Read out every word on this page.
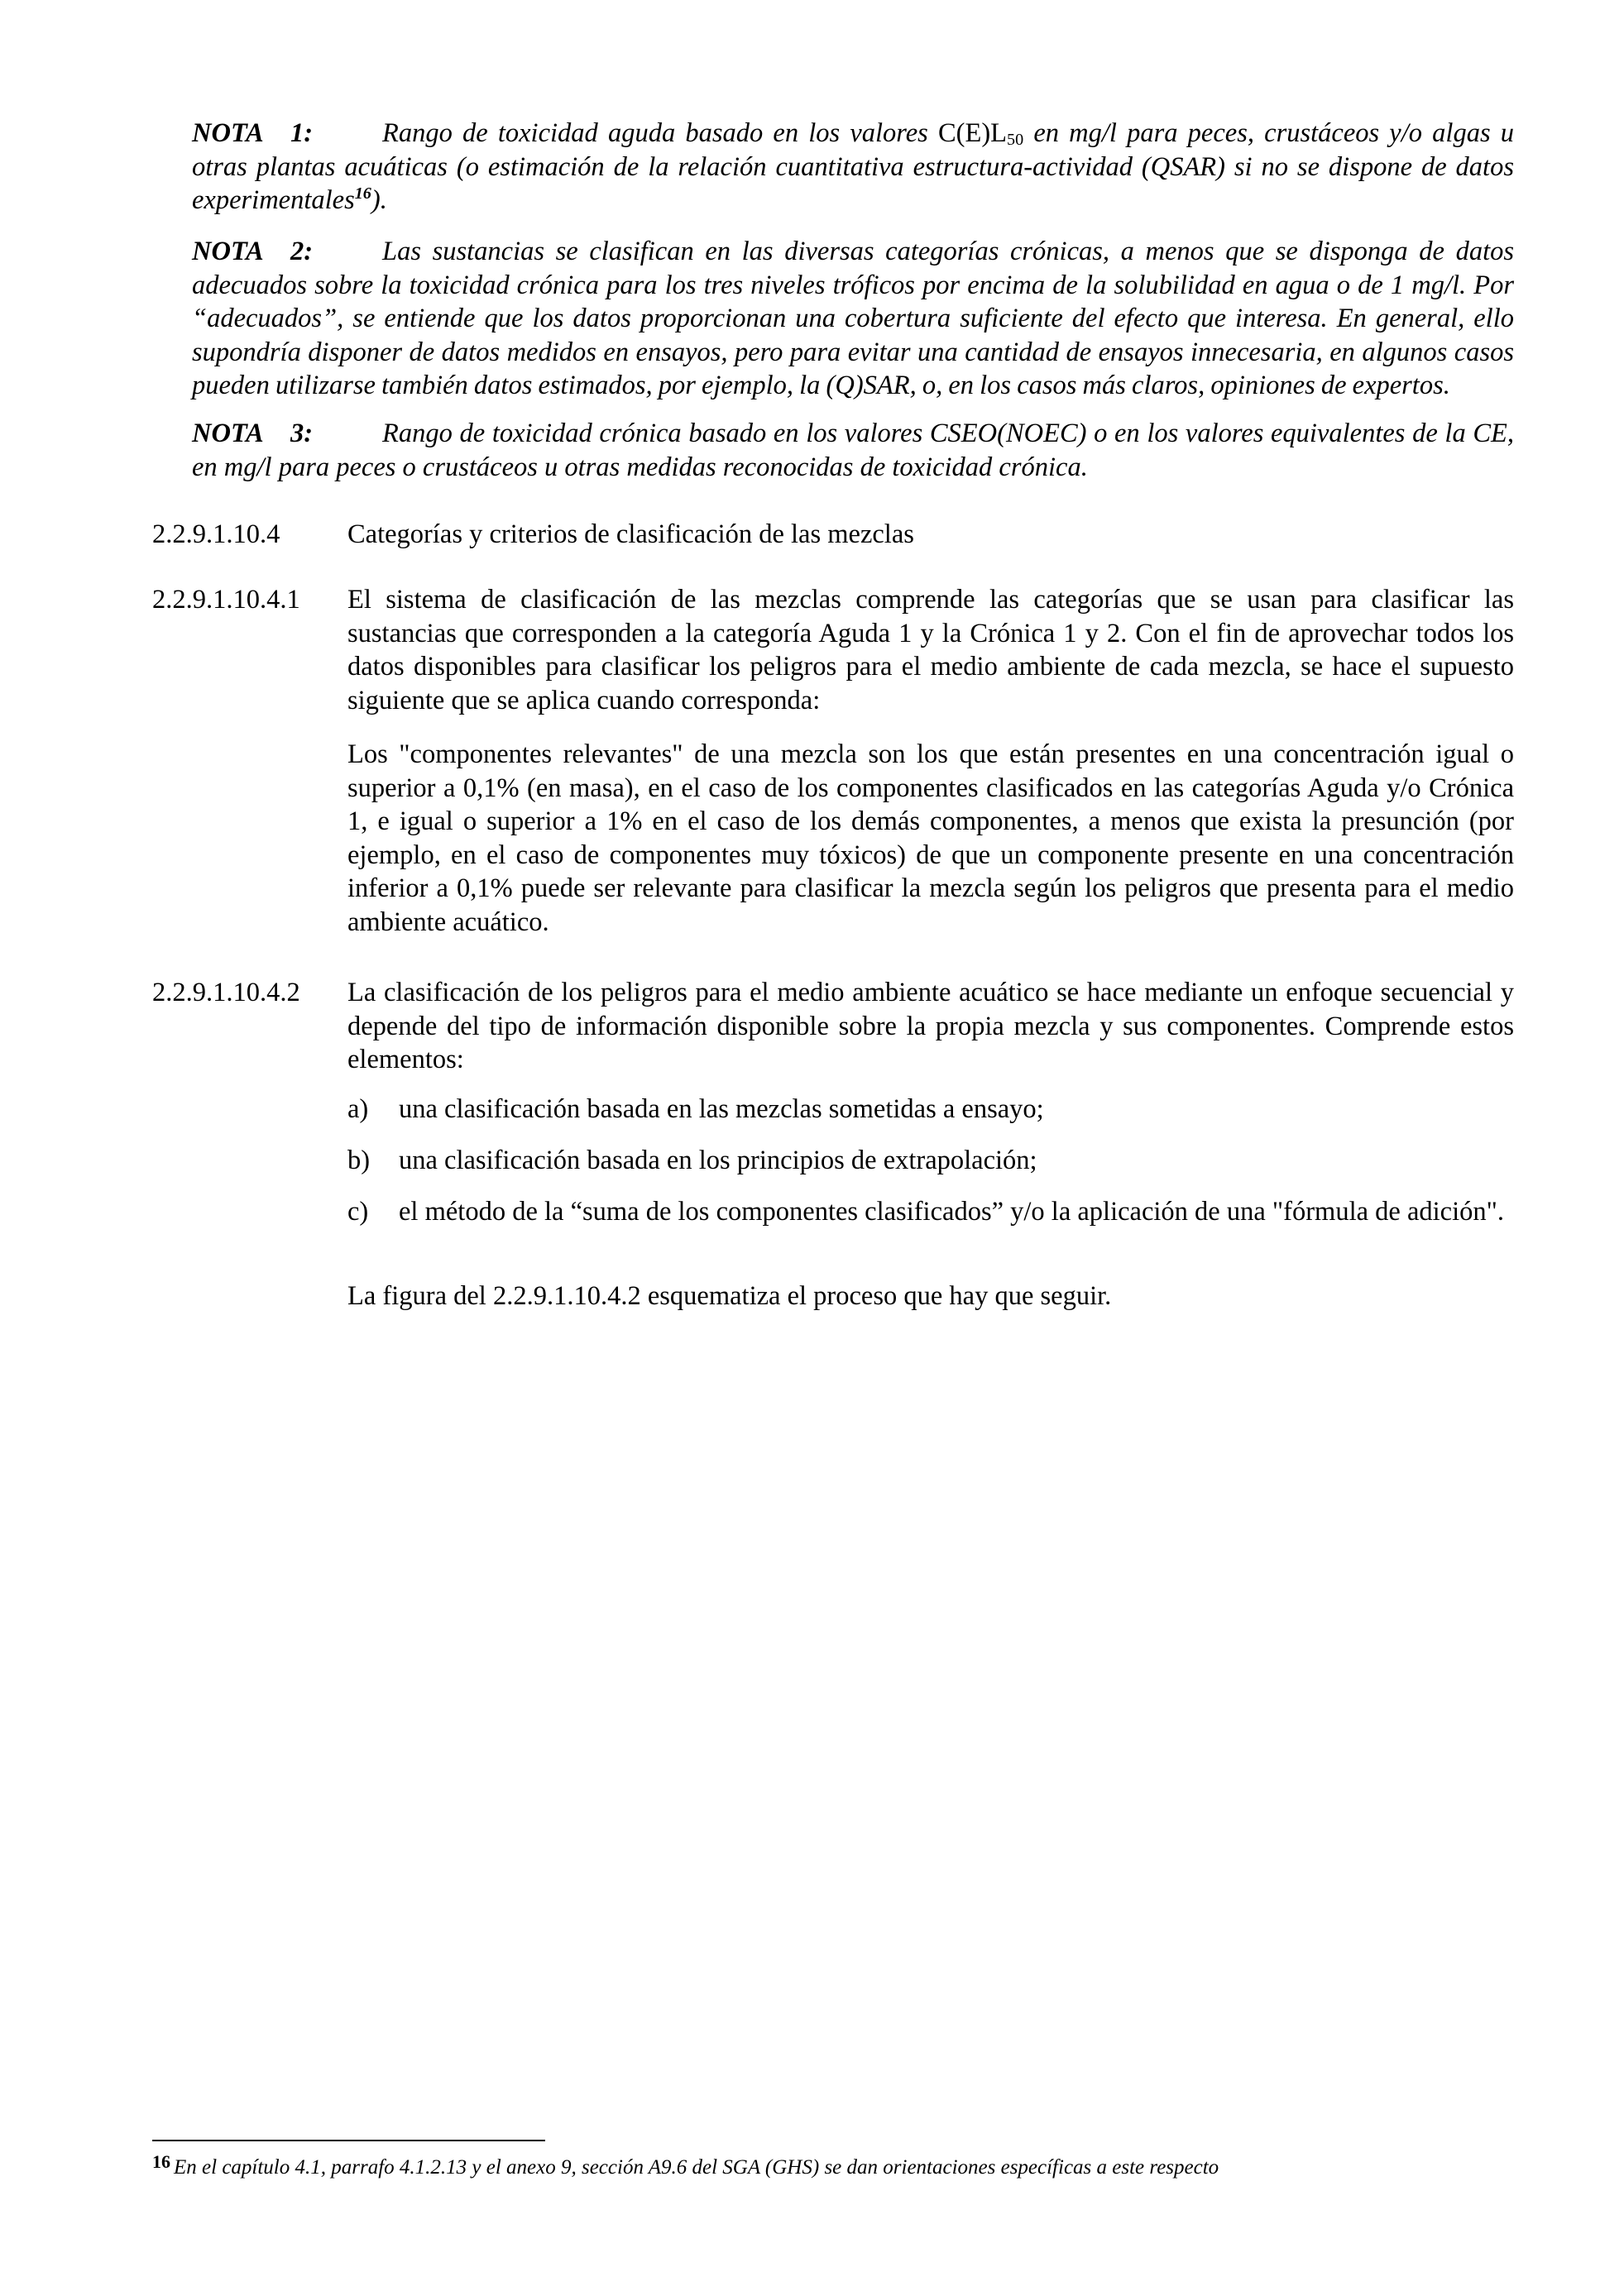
NOTA 1:	Rango de toxicidad aguda basado en los valores $C(E)L_{50}$ en mg/l para peces, crustáceos y/o algas u otras plantas acuáticas (o estimación de la relación cuantitativa estructura-actividad (QSAR) si no se dispone de datos experimentales$^{16}$).
NOTA 2:	Las sustancias se clasifican en las diversas categorías crónicas, a menos que se disponga de datos adecuados sobre la toxicidad crónica para los tres niveles tróficos por encima de la solubilidad en agua o de 1 mg/l. Por “adecuados”, se entiende que los datos proporcionan una cobertura suficiente del efecto que interesa. En general, ello supondría disponer de datos medidos en ensayos, pero para evitar una cantidad de ensayos innecesaria, en algunos casos pueden utilizarse también datos estimados, por ejemplo, la (Q)SAR, o, en los casos más claros, opiniones de expertos.
NOTA 3:	Rango de toxicidad crónica basado en los valores CSEO(NOEC) o en los valores equivalentes de la CE, en mg/l para peces o crustáceos u otras medidas reconocidas de toxicidad crónica.
2.2.9.1.10.4	Categorías y criterios de clasificación de las mezclas
2.2.9.1.10.4.1 El sistema de clasificación de las mezclas comprende las categorías que se usan para clasificar las sustancias que corresponden a la categoría Aguda 1 y la Crónica 1 y 2. Con el fin de aprovechar todos los datos disponibles para clasificar los peligros para el medio ambiente de cada mezcla, se hace el supuesto siguiente que se aplica cuando corresponda:
Los "componentes relevantes" de una mezcla son los que están presentes en una concentración igual o superior a 0,1% (en masa), en el caso de los componentes clasificados en las categorías Aguda y/o Crónica 1, e igual o superior a 1% en el caso de los demás componentes, a menos que exista la presunción (por ejemplo, en el caso de componentes muy tóxicos) de que un componente presente en una concentración inferior a 0,1% puede ser relevante para clasificar la mezcla según los peligros que presenta para el medio ambiente acuático.
2.2.9.1.10.4.2 La clasificación de los peligros para el medio ambiente acuático se hace mediante un enfoque secuencial y depende del tipo de información disponible sobre la propia mezcla y sus componentes. Comprende estos elementos:
a) una clasificación basada en las mezclas sometidas a ensayo;
b) una clasificación basada en los principios de extrapolación;
c) el método de la “suma de los componentes clasificados” y/o la aplicación de una "fórmula de adición".
La figura del 2.2.9.1.10.4.2 esquematiza el proceso que hay que seguir.
16 En el capítulo 4.1, parrafo 4.1.2.13 y el anexo 9, sección A9.6 del SGA (GHS) se dan orientaciones específicas a este respecto
